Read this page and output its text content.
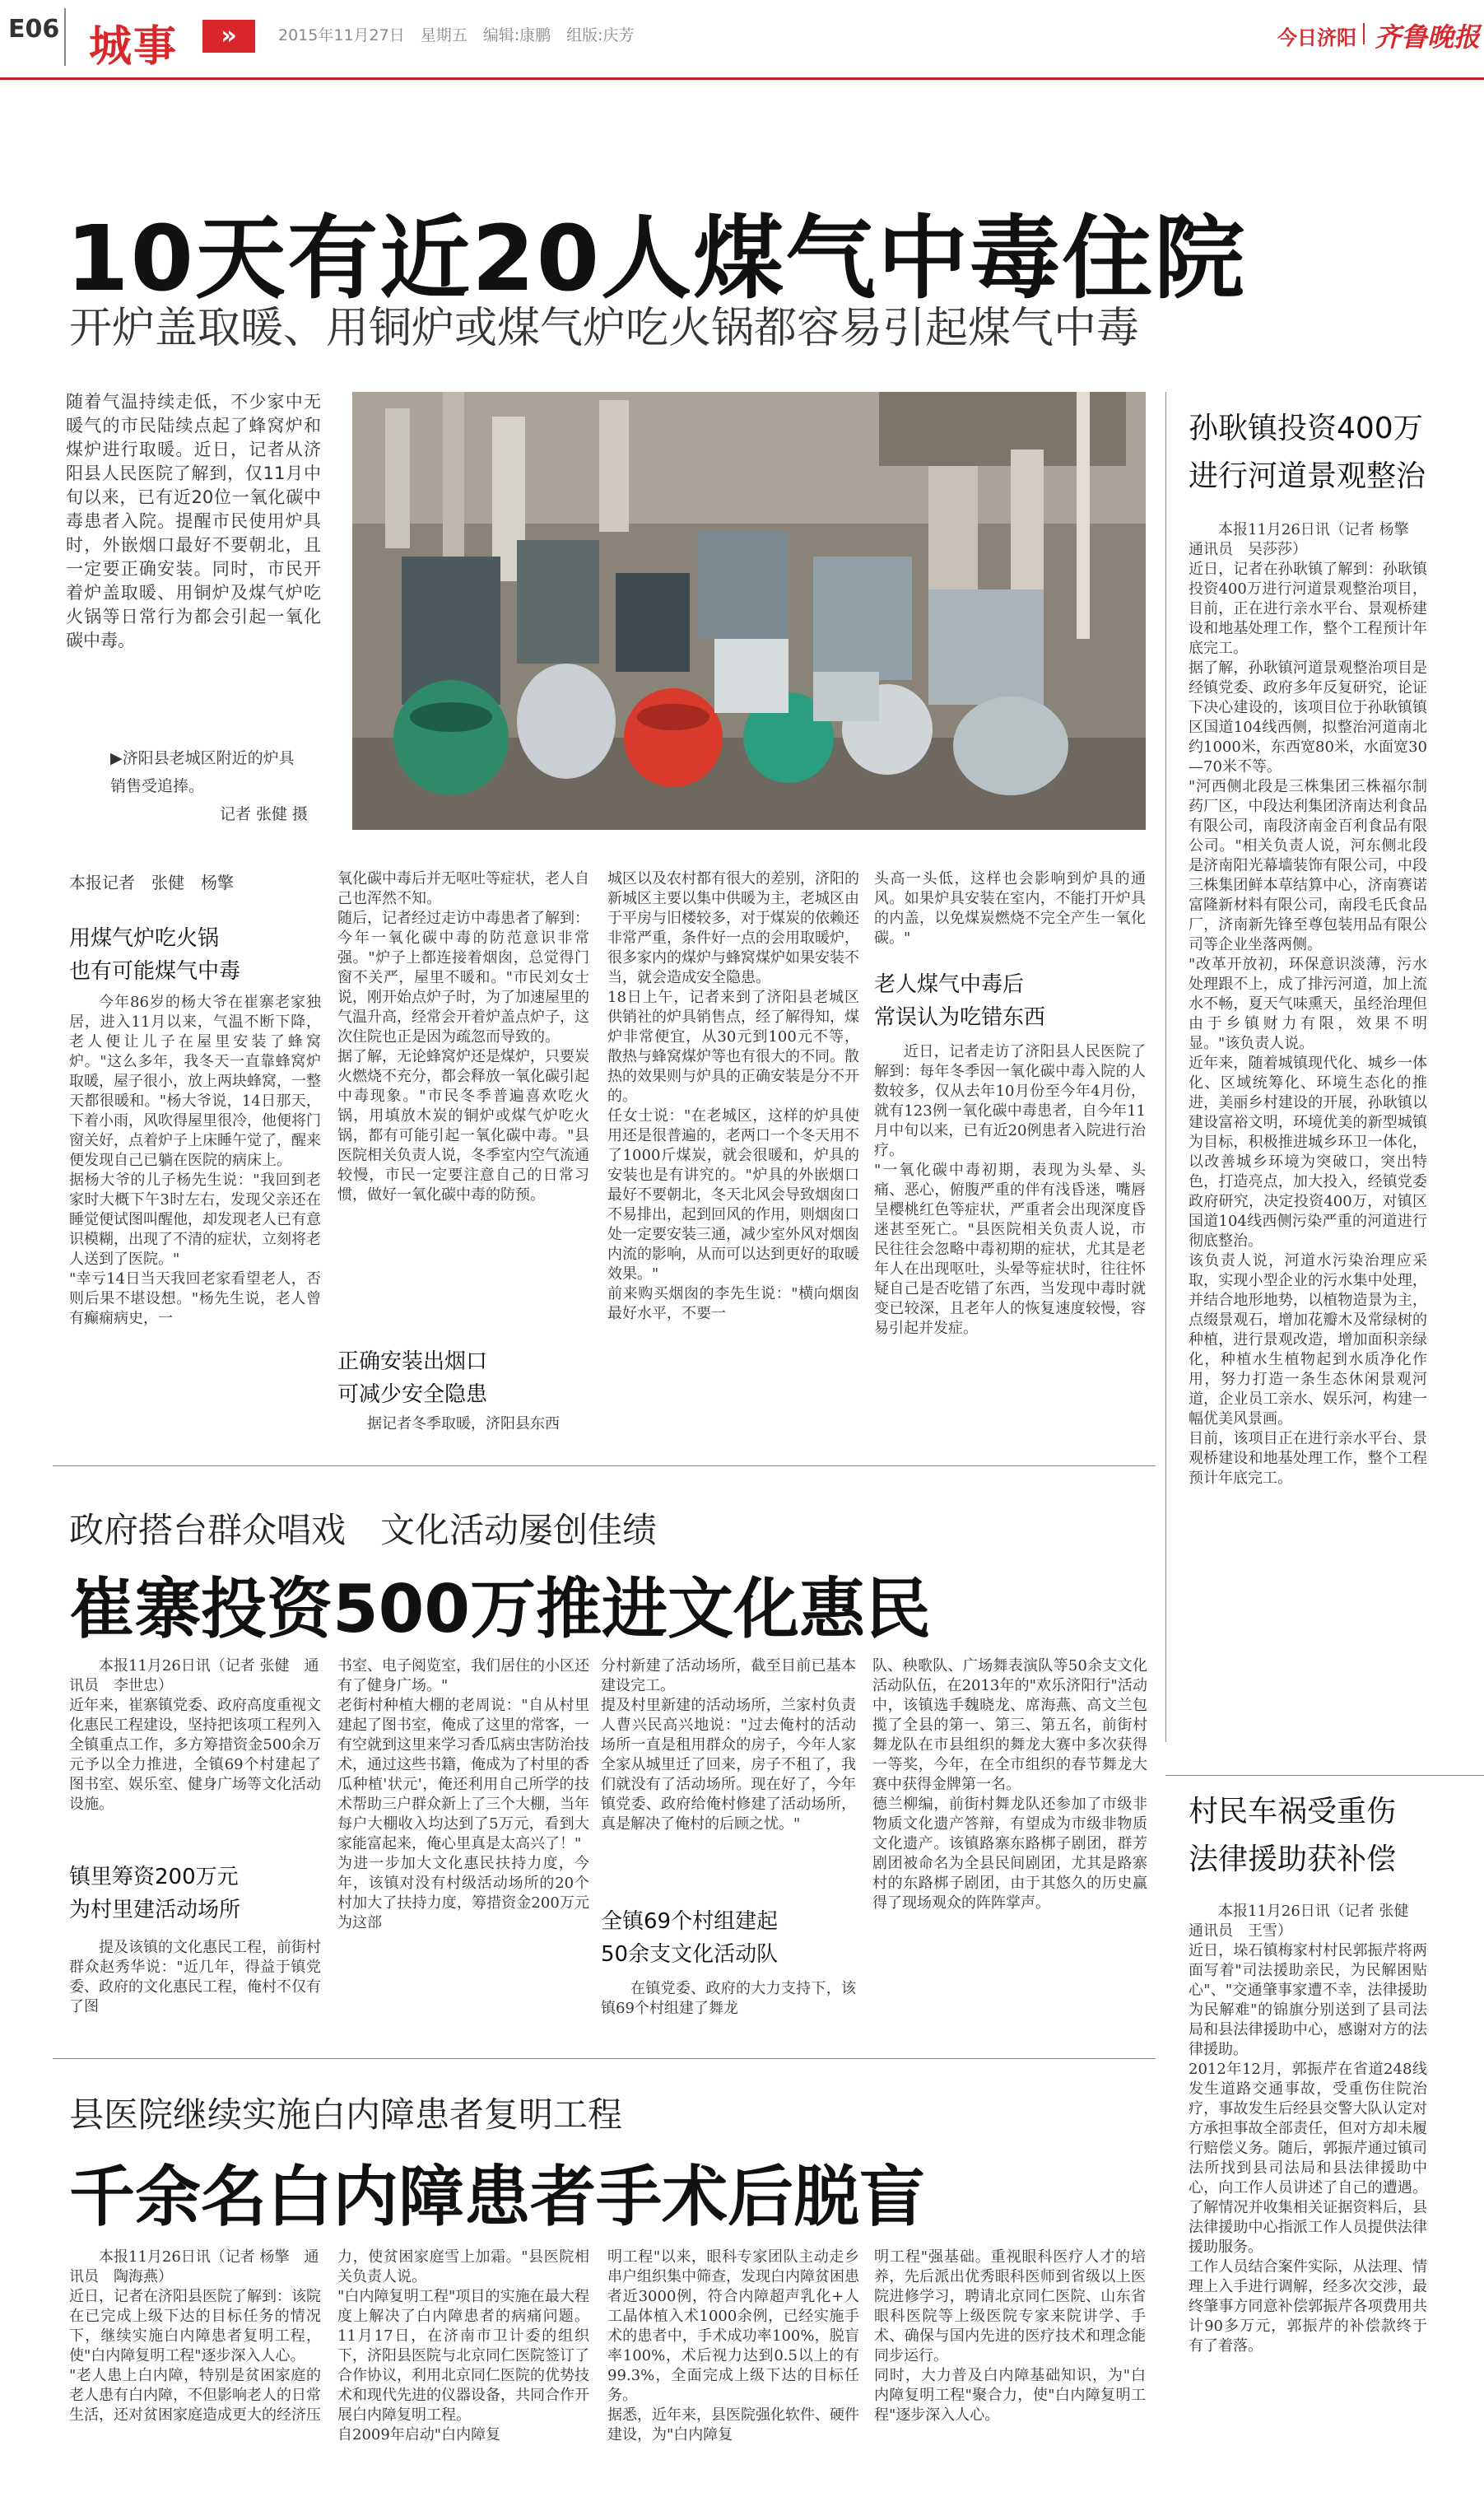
E06 城事	»	2015年11月27日　星期五　编辑:康鹏　组版:庆芳	今日济阳 齐鲁晚报
10天有近20人煤气中毒住院
开炉盖取暖、用铜炉或煤气炉吃火锅都容易引起煤气中毒
随着气温持续走低，不少家中无暖气的市民陆续点起了蜂窝炉和煤炉进行取暖。近日，记者从济阳县人民医院了解到，仅11月中旬以来，已有近20位一氧化碳中毒患者入院。提醒市民使用炉具时，外嵌烟口最好不要朝北，且一定要正确安装。同时，市民开着炉盖取暖、用铜炉及煤气炉吃火锅等日常行为都会引起一氧化碳中毒。
▶济阳县老城区附近的炉具销售受追捧。
记者 张健 摄
孙耿镇投资400万
进行河道景观整治
本报11月26日讯（记者 杨擎　通讯员　吴莎莎）
近日，记者在孙耿镇了解到：孙耿镇投资400万进行河道景观整治项目，目前，正在进行亲水平台、景观桥建设和地基处理工作，整个工程预计年底完工。
据了解，孙耿镇河道景观整治项目是经镇党委、政府多年反复研究，论证下决心建设的，该项目位于孙耿镇镇区国道104线西侧，拟整治河道南北约1000米，东西宽80米，水面宽30—70米不等。
"河西侧北段是三株集团三株福尔制药厂区，中段达利集团济南达利食品有限公司，南段济南金百利食品有限公司。"相关负责人说，河东侧北段是济南阳光幕墙装饰有限公司，中段三株集团鲜本草结算中心，济南赛诺富隆新材料有限公司，南段毛氏食品厂，济南新先锋至尊包装用品有限公司等企业坐落两侧。
"改革开放初，环保意识淡薄，污水处理跟不上，成了排污河道，加上流水不畅，夏天气味熏天，虽经治理但由于乡镇财力有限，效果不明显。"该负责人说。
近年来，随着城镇现代化、城乡一体化、区域统筹化、环境生态化的推进，美丽乡村建设的开展，孙耿镇以建设富裕文明，环境优美的新型城镇为目标，积极推进城乡环卫一体化，以改善城乡环境为突破口，突出特色，打造亮点，加大投入，经镇党委政府研究，决定投资400万，对镇区国道104线西侧污染严重的河道进行彻底整治。
该负责人说，河道水污染治理应采取，实现小型企业的污水集中处理，并结合地形地势，以植物造景为主，点缀景观石，增加花瓣木及常绿树的种植，进行景观改造，增加面积亲绿化，种植水生植物起到水质净化作用，努力打造一条生态休闲景观河道，企业员工亲水、娱乐河，构建一幅优美风景画。
目前，该项目正在进行亲水平台、景观桥建设和地基处理工作，整个工程预计年底完工。
村民车祸受重伤
法律援助获补偿
本报11月26日讯（记者 张健　通讯员　王雪）
近日，垛石镇梅家村村民郭振芹将两面写着"司法援助亲民，为民解困贴心"、"交通肇事家遭不幸，法律援助为民解难"的锦旗分别送到了县司法局和县法律援助中心，感谢对方的法律援助。
2012年12月，郭振芹在省道248线发生道路交通事故，受重伤住院治疗，事故发生后经县交警大队认定对方承担事故全部责任，但对方却未履行赔偿义务。随后，郭振芹通过镇司法所找到县司法局和县法律援助中心，向工作人员讲述了自己的遭遇。了解情况并收集相关证据资料后，县法律援助中心指派工作人员提供法律援助服务。
工作人员结合案件实际，从法理、情理上入手进行调解，经多次交涉，最终肇事方同意补偿郭振芹各项费用共计90多万元，郭振芹的补偿款终于有了着落。
本报记者　张健　杨擎
用煤气炉吃火锅
也有可能煤气中毒
今年86岁的杨大爷在崔寨老家独居，进入11月以来，气温不断下降，老人便让儿子在屋里安装了蜂窝炉。"这么多年，我冬天一直靠蜂窝炉取暖，屋子很小，放上两块蜂窝，一整天都很暖和。"杨大爷说，14日那天，下着小雨，风吹得屋里很冷，他便将门窗关好，点着炉子上床睡午觉了，醒来便发现自己已躺在医院的病床上。
据杨大爷的儿子杨先生说："我回到老家时大概下午3时左右，发现父亲还在睡觉便试图叫醒他，却发现老人已有意识模糊，出现了不清的症状，立刻将老人送到了医院。"
"幸亏14日当天我回老家看望老人，否则后果不堪设想。"杨先生说，老人曾有癫痫病史，一
氧化碳中毒后并无呕吐等症状，老人自己也浑然不知。
随后，记者经过走访中毒患者了解到：今年一氧化碳中毒的防范意识非常强。"炉子上都连接着烟囱，总觉得门窗不关严，屋里不暖和。"市民刘女士说，刚开始点炉子时，为了加速屋里的气温升高，经常会开着炉盖点炉子，这次住院也正是因为疏忽而导致的。
据了解，无论蜂窝炉还是煤炉，只要炭火燃烧不充分，都会释放一氧化碳引起中毒现象。"市民冬季普遍喜欢吃火锅，用填放木炭的铜炉或煤气炉吃火锅，都有可能引起一氧化碳中毒。"县医院相关负责人说，冬季室内空气流通较慢，市民一定要注意自己的日常习惯，做好一氧化碳中毒的防预。
正确安装出烟口
可减少安全隐患
据记者冬季取暖，济阳县东西
城区以及农村都有很大的差别，济阳的新城区主要以集中供暖为主，老城区由于平房与旧楼较多，对于煤炭的依赖还非常严重，条件好一点的会用取暖炉，很多家内的煤炉与蜂窝煤炉如果安装不当，就会造成安全隐患。
18日上午，记者来到了济阳县老城区供销社的炉具销售点，经了解得知，煤炉非常便宜，从30元到100元不等，散热与蜂窝煤炉等也有很大的不同。散热的效果则与炉具的正确安装是分不开的。
任女士说："在老城区，这样的炉具使用还是很普遍的，老两口一个冬天用不了1000斤煤炭，就会很暖和，炉具的安装也是有讲究的。"炉具的外嵌烟口最好不要朝北，冬天北风会导致烟囱口不易排出，起到回风的作用，则烟囱口处一定要安装三通，减少室外风对烟囱内流的影响，从而可以达到更好的取暖效果。"
前来购买烟囱的李先生说："横向烟囱最好水平，不要一
头高一头低，这样也会影响到炉具的通风。如果炉具安装在室内，不能打开炉具的内盖，以免煤炭燃烧不完全产生一氧化碳。"
老人煤气中毒后
常误认为吃错东西
近日，记者走访了济阳县人民医院了解到：每年冬季因一氧化碳中毒入院的人数较多，仅从去年10月份至今年4月份，就有123例一氧化碳中毒患者，自今年11月中旬以来，已有近20例患者入院进行治疗。
"一氧化碳中毒初期，表现为头晕、头痛、恶心，俯腹严重的伴有浅昏迷，嘴唇呈樱桃红色等症状，严重者会出现深度昏迷甚至死亡。"县医院相关负责人说，市民往往会忽略中毒初期的症状，尤其是老年人在出现呕吐，头晕等症状时，往往怀疑自己是否吃错了东西，当发现中毒时就变已较深，且老年人的恢复速度较慢，容易引起并发症。
政府搭台群众唱戏　文化活动屡创佳绩
崔寨投资500万推进文化惠民
本报11月26日讯（记者 张健　通讯员　李世忠）
近年来，崔寨镇党委、政府高度重视文化惠民工程建设，坚持把该项工程列入全镇重点工作，多方筹措资金500余万元予以全力推进，全镇69个村建起了图书室、娱乐室、健身广场等文化活动设施。
镇里筹资200万元
为村里建活动场所
提及该镇的文化惠民工程，前街村群众赵秀华说："近几年，得益于镇党委、政府的文化惠民工程，俺村不仅有了图
书室、电子阅览室，我们居住的小区还有了健身广场。"
老街村种植大棚的老周说："自从村里建起了图书室，俺成了这里的常客，一有空就到这里来学习香瓜病虫害防治技术，通过这些书籍，俺成为了村里的香瓜种植'状元'，俺还利用自己所学的技术帮助三户群众新上了三个大棚，当年每户大棚收入均达到了5万元，看到大家能富起来，俺心里真是太高兴了！"
为进一步加大文化惠民扶持力度，今年，该镇对没有村级活动场所的20个村加大了扶持力度，筹措资金200万元为这部
分村新建了活动场所，截至目前已基本建设完工。
提及村里新建的活动场所，兰家村负责人曹兴民高兴地说："过去俺村的活动场所一直是租用群众的房子，今年人家全家从城里迁了回来，房子不租了，我们就没有了活动场所。现在好了，今年镇党委、政府给俺村修建了活动场所，真是解决了俺村的后顾之忧。"
全镇69个村组建起
50余支文化活动队
在镇党委、政府的大力支持下，该镇69个村组建了舞龙
队、秧歌队、广场舞表演队等50余支文化活动队伍，在2013年的"欢乐济阳行"活动中，该镇选手魏晓龙、席海燕、高文兰包揽了全县的第一、第三、第五名，前街村舞龙队在市县组织的舞龙大赛中多次获得一等奖，今年，在全市组织的春节舞龙大赛中获得金牌第一名。
德兰柳编，前街村舞龙队还参加了市级非物质文化遗产答辩，有望成为市级非物质文化遗产。该镇路寨东路梆子剧团，群芳剧团被命名为全县民间剧团，尤其是路寨村的东路梆子剧团，由于其悠久的历史赢得了现场观众的阵阵掌声。
县医院继续实施白内障患者复明工程
千余名白内障患者手术后脱盲
本报11月26日讯（记者 杨擎　通讯员　陶海燕）
近日，记者在济阳县医院了解到：该院在已完成上级下达的目标任务的情况下，继续实施白内障患者复明工程，使"白内障复明工程"逐步深入人心。
"老人患上白内障，特别是贫困家庭的老人患有白内障，不但影响老人的日常生活，还对贫困家庭造成更大的经济压
力，使贫困家庭雪上加霜。"县医院相关负责人说。
"白内障复明工程"项目的实施在最大程度上解决了白内障患者的病痛问题。11月17日，在济南市卫计委的组织下，济阳县医院与北京同仁医院签订了合作协议，利用北京同仁医院的优势技术和现代先进的仪器设备，共同合作开展白内障复明工程。
自2009年启动"白内障复
明工程"以来，眼科专家团队主动走乡串户组织集中筛查，发现白内障贫困患者近3000例，符合内障超声乳化+人工晶体植入术1000余例，已经实施手术的患者中，手术成功率100%，脱盲率100%，术后视力达到0.5以上的有99.3%，全面完成上级下达的目标任务。
据悉，近年来，县医院强化软件、硬件建设，为"白内障复
明工程"强基础。重视眼科医疗人才的培养，先后派出优秀眼科医师到省级以上医院进修学习，聘请北京同仁医院、山东省眼科医院等上级医院专家来院讲学、手术、确保与国内先进的医疗技术和理念能同步运行。
同时，大力普及白内障基础知识，为"白内障复明工程"聚合力，使"白内障复明工程"逐步深入人心。
